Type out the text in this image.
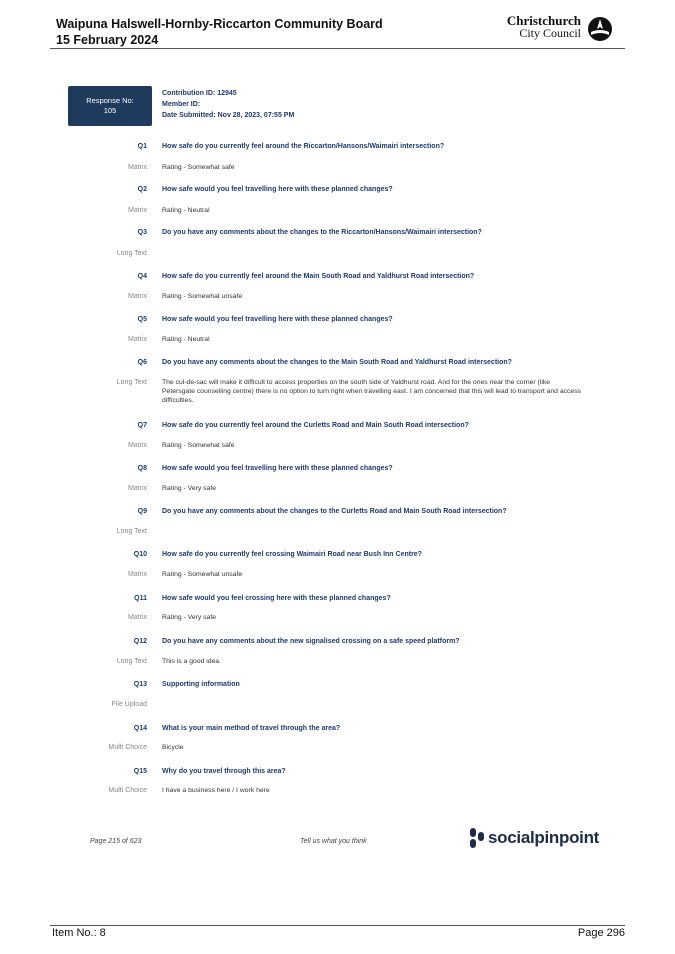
Waipuna Halswell-Hornby-Riccarton Community Board
15 February 2024
Christchurch
City Council
Response No:
105
Contribution ID: 12945
Member ID:
Date Submitted: Nov 28, 2023, 07:55 PM
Q1 How safe do you currently feel around the Riccarton/Hansons/Waimairi intersection?
Matrix Rating - Somewhat safe
Q2 How safe would you feel travelling here with these planned changes?
Matrix Rating - Neutral
Q3 Do you have any comments about the changes to the Riccarton/Hansons/Waimairi intersection?
Long Text
Q4 How safe do you currently feel around the Main South Road and Yaldhurst Road intersection?
Matrix Rating - Somewhat unsafe
Q5 How safe would you feel travelling here with these planned changes?
Matrix Rating - Neutral
Q6 Do you have any comments about the changes to the Main South Road and Yaldhurst Road intersection?
Long Text The cul-de-sac will make it difficult to access properties on the south side of Yaldhurst road. And for the ones near the corner (like Petersgate counselling centre) there is no option to turn right when travelling east. I am concerned that this will lead to transport and access difficulties.
Q7 How safe do you currently feel around the Curletts Road and Main South Road intersection?
Matrix Rating - Somewhat safe
Q8 How safe would you feel travelling here with these planned changes?
Matrix Rating - Very safe
Q9 Do you have any comments about the changes to the Curletts Road and Main South Road intersection?
Long Text
Q10 How safe do you currently feel crossing Waimairi Road near Bush Inn Centre?
Matrix Rating - Somewhat unsafe
Q11 How safe would you feel crossing here with these planned changes?
Matrix Rating - Very safe
Q12 Do you have any comments about the new signalised crossing on a safe speed platform?
Long Text This is a good idea.
Q13 Supporting information
File Upload
Q14 What is your main method of travel through the area?
Multi Choice Bicycle
Q15 Why do you travel through this area?
Multi Choice I have a business here / I work here
Page 215 of 623	Tell us what you think	socialpinpoint
Item No.: 8	Page 296
